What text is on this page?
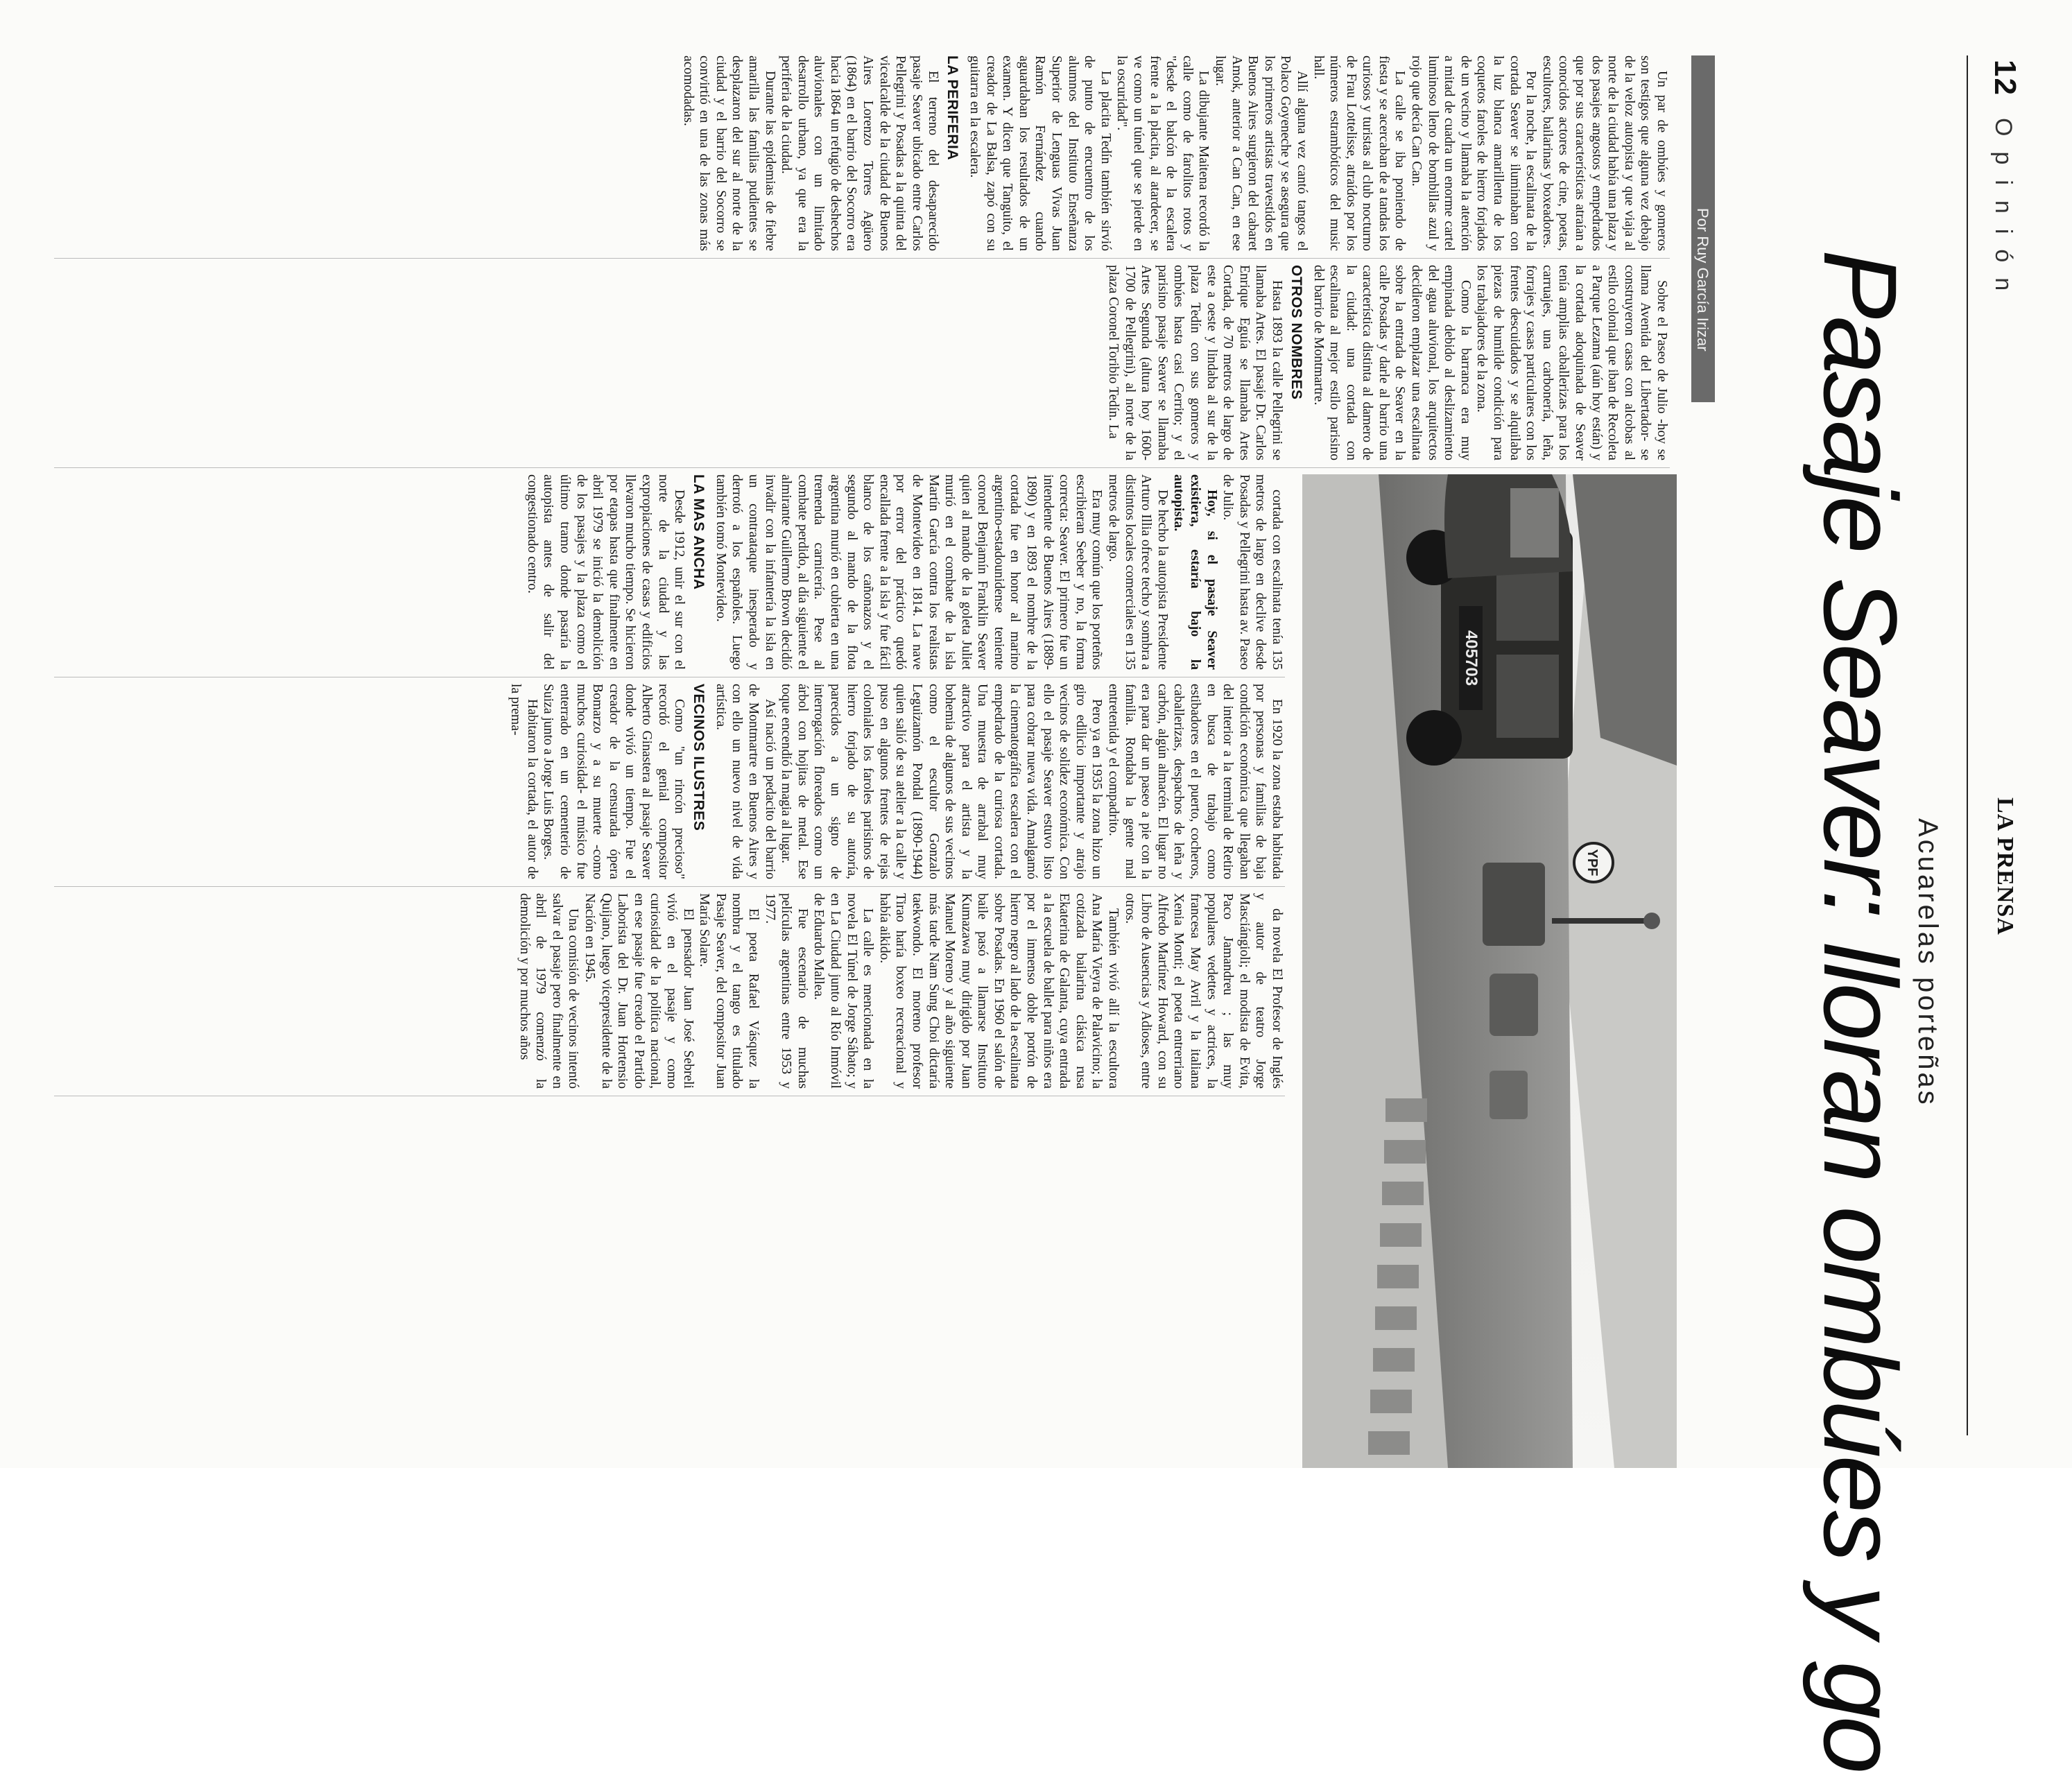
12
Opinión
LA PRENSA
Acuarelas porteñas
Pasaje Seaver: lloran ombúes y go
Por Ruy García Irizar
405703
YPF

Un par de ombúes y gomeros son testigos que alguna vez debajo de la veloz autopista y que viaja al norte de la ciudad había una plaza y dos pasajes angostos y empedrados que por sus características atraían a conocidos actores de cine, poetas, escultores, bailarinas y boxeadores.

Por la noche, la escalinata de la cortada Seaver se iluminaban con la luz blanca amarillenta de los coquetos faroles de hierro forjados de un vecino y llamaba la atención a mitad de cuadra un enorme cartel luminoso lleno de bombillas azul y rojo que decía Can Can.

La calle se iba poniendo de fiesta y se acercaban de a tandas los curiosos y turistas al club nocturno de Frau Lottelisse, atraídos por los números estrambóticos del music hall.

Allí alguna vez cantó tangos el Polaco Goyeneche y se asegura que los primeros artistas travestidos en Buenos Aires surgieron del cabaret Amok, anterior a Can Can, en ese lugar.

La dibujante Maitena recordó la calle como de farolitos rotos y "desde el balcón de la escalera frente a la placita, al atardecer, se ve como un túnel que se pierde en la oscuridad".

La placita Tedín también sirvió de punto de encuentro de los alumnos del Instituto Enseñanza Superior de Lenguas Vivas Juan Ramón Fernández cuando aguardaban los resultados de un examen. Y dicen que Tanguito, el creador de La Balsa, zapó con su guitarra en la escalera.

LA PERIFERIA

El terreno del desaparecido pasaje Seaver ubicado entre Carlos Pellegrini y Posadas a la quinta del vicealcalde de la ciudad de Buenos Aires Lorenzo Torres Agüero (1864) en el barrio del Socorro era hacia 1864 un refugio de deshechos aluvionales con un limitado desarrollo urbano, ya que era la periferia de la ciudad.

Durante las epidemias de fiebre amarilla las familias pudientes se desplazaron del sur al norte de la ciudad y el barrio del Socorro se convirtió en una de las zonas más acomodadas.

Sobre el Paseo de Julio -hoy se llama Avenida del Libertador- se construyeron casas con alcobas al estilo colonial que iban de Recoleta a Parque Lezama (aún hoy están) y la cortada adoquinada de Seaver tenía amplias caballerizas para los carruajes, una carbonería, leña, forrajes y casas particulares con los frentes descuidados y se alquilaba piezas de humilde condición para los trabajadores de la zona.

Como la barranca era muy empinada debido al deslizamiento del agua aluvional, los arquitectos decidieron emplazar una escalinata sobre la entrada de Seaver en la calle Posadas y darle al barrio una característica distinta al damero de la ciudad: una cortada con escalinata al mejor estilo parisino del barrio de Montmartre.

OTROS NOMBRES

Hasta 1893 la calle Pellegrini se llamaba Artes. El pasaje Dr. Carlos Enrique Eguía se llamaba Artes Cortada, de 70 metros de largo de este a oeste y lindaba al sur de la plaza Tedín con sus gomeros y ombúes hasta casi Cerrito; y el parisino pasaje Seaver se llamaba Artes Segunda (altura hoy 1600-1700 de Pellegrini), al norte de la plaza Coronel Toribio Tedín. La

cortada con escalinata tenía 135 metros de largo en declive desde Posadas y Pellegrini hasta av. Paseo de Julio.

Hoy, si el pasaje Seaver existiera, estaría bajo la autopista.

De hecho la autopista Presidente Arturo Illia ofrece techo y sombra a distintos locales comerciales en 135 metros de largo.

Era muy común que los porteños escribieran Seeber y no, la forma correcta: Seaver. El primero fue un intendente de Buenos Aires (1889-1890) y en 1893 el nombre de la cortada fue en honor al marino argentino-estadounidense teniente coronel Benjamín Franklin Seaver quien al mando de la goleta Juliet murió en el combate de la isla Martín García contra los realistas de Montevideo en 1814. La nave por error del práctico quedó encallada frente a la isla y fue fácil blanco de los cañonazos y el segundo al mando de la flota argentina murió en cubierta en una tremenda carnicería. Pese al combate perdido, al día siguiente el almirante Guillermo Brown decidió invadir con la infantería la isla en un contraataque inesperado y derrotó a los españoles. Luego también tomó Montevideo.

LA MAS ANCHA

Desde 1912, unir el sur con el norte de la ciudad y las expropiaciones de casas y edificios llevaron mucho tiempo. Se hicieron por etapas hasta que finalmente en abril 1979 se inició la demolición de los pasajes y la plaza como el último tramo donde pasaría la autopista antes de salir del congestionado centro.

En 1920 la zona estaba habitada por personas y familias de baja condición económica que llegaban del interior a la terminal de Retiro en busca de trabajo como estibadores en el puerto, cocheros, caballerizas, despachos de leña y carbón, algún almacén. El lugar no era para dar un paseo a pie con la familia. Rondaba la gente mal entretenida y el compadrito.

Pero ya en 1935 la zona hizo un giro edilicio importante y atrajo vecinos de solidez económica. Con ello el pasaje Seaver estuvo listo para cobrar nueva vida. Amalgamó la cinematográfica escalera con el empedrado de la curiosa cortada. Una muestra de arrabal muy atractivo para el artista y la bohemia de algunos de sus vecinos como el escultor Gonzalo Leguizamón Pondal (1890-1944) quien salió de su atelier a la calle y puso en algunos frentes de rejas coloniales los faroles parisinos de hierro forjado de su autoría, parecidos a un signo de interrogación floreados como un árbol con hojitas de metal. Ese toque encendió la magia al lugar.

Así nació un pedacito del barrio de Montmartre en Buenos Aires y con ello un nuevo nivel de vida artística.

VECINOS ILUSTRES

Como "un rincón precioso" recordó el genial compositor Alberto Ginastera al pasaje Seaver donde vivió un tiempo. Fue el creador de la censurada ópera Bomarzo y a su muerte -como muchos curiosidad- el músico fue enterrado en un cementerio de Suiza junto a Jorge Luis Borges.

Habitaron la cortada, el autor de la prema-

da novela El Profesor de Inglés y autor de teatro Jorge Masciángioli; el modista de Evita, Paco Jamandreu ; las muy populares vedettes y actrices, la francesa May Avril y la italiana Xenia Monti; el poeta entrerriano Alfredo Martínez Howard, con su Libro de Ausencias y Adioses, entre otros.

También vivió allí la escultora Ana María Vieyra de Palavicino; la cotizada bailarina clásica rusa Ekaterina de Galanta, cuya entrada a la escuela de ballet para niños era por el inmenso doble portón de hierro negro al lado de la escalinata sobre Posadas. En 1960 el salón de baile pasó a llamarse Instituto Kumazawa muy dirigido por Juan Manuel Moreno y al año siguiente más tarde Nam Sung Choi dictaría taekwondo. El moreno profesor Tirao haría boxeo recreacional y había aikido.

La calle es mencionada en la novela El Túnel de Jorge Sábato; y en La Ciudad junto al Río Inmóvil de Eduardo Mallea.

Fue escenario de muchas películas argentinas entre 1953 y 1977.

El poeta Rafael Vásquez la nombra y el tango es titulado Pasaje Seaver, del compositor Juan María Solare.

El pensador Juan José Sebreli vivió en el pasaje y como curiosidad de la política nacional, en ese pasaje fue creado el Partido Laborista del Dr. Juan Hortensio Quijano, luego vicepresidente de la Nación en 1945.

Una comisión de vecinos intentó salvar el pasaje pero finalmente en abril de 1979 comenzó la demolición y por muchos años
